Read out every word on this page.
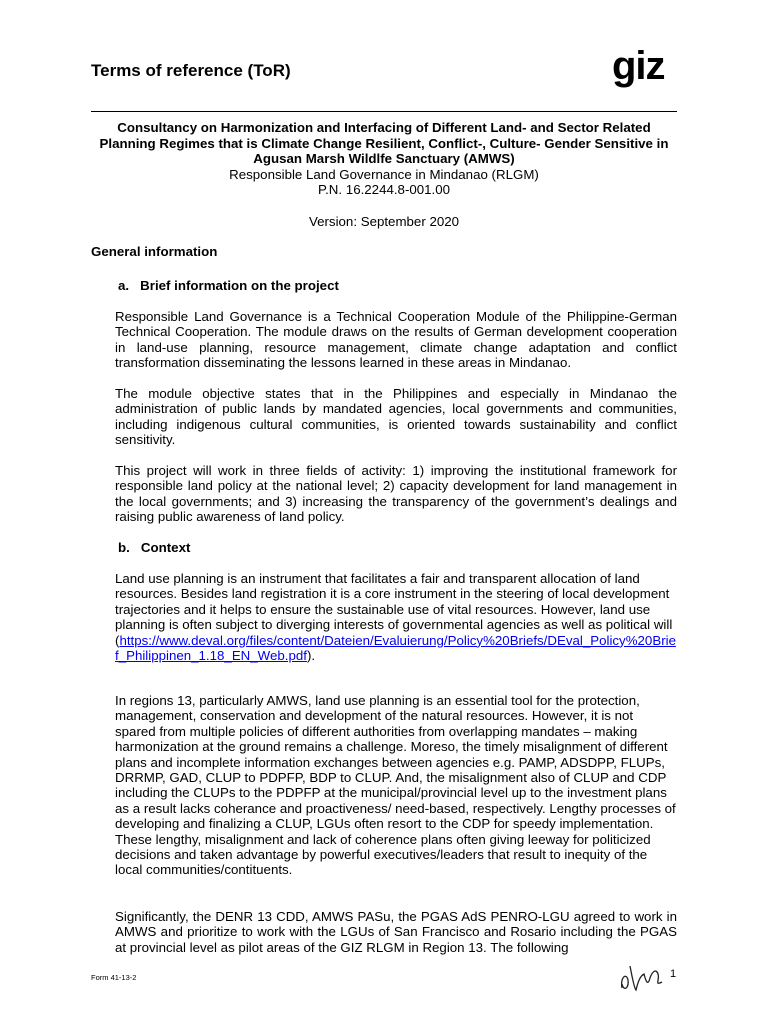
Terms of reference (ToR)	giz
Consultancy on Harmonization and Interfacing of Different Land- and Sector Related Planning Regimes that is Climate Change Resilient, Conflict-, Culture- Gender Sensitive in Agusan Marsh Wildlfe Sanctuary (AMWS)
Responsible Land Governance in Mindanao (RLGM)
P.N. 16.2244.8-001.00
Version: September 2020
General information
a.   Brief information on the project
Responsible Land Governance is a Technical Cooperation Module of the Philippine-German Technical Cooperation. The module draws on the results of German development cooperation in land-use planning, resource management, climate change adaptation and conflict transformation disseminating the lessons learned in these areas in Mindanao.
The module objective states that in the Philippines and especially in Mindanao the administration of public lands by mandated agencies, local governments and communities, including indigenous cultural communities, is oriented towards sustainability and conflict sensitivity.
This project will work in three fields of activity: 1) improving the institutional framework for responsible land policy at the national level; 2) capacity development for land management in the local governments; and 3) increasing the transparency of the government’s dealings and raising public awareness of land policy.
b.   Context
Land use planning is an instrument that facilitates a fair and transparent allocation of land resources. Besides land registration it is a core instrument in the steering of local development trajectories and it helps to ensure the sustainable use of vital resources. However, land use planning is often subject to diverging interests of governmental agencies as well as political will
(https://www.deval.org/files/content/Dateien/Evaluierung/Policy%20Briefs/DEval_Policy%20Brief_Philippinen_1.18_EN_Web.pdf).
In regions 13, particularly AMWS, land use planning is an essential tool for the protection, management, conservation and development of the natural resources. However, it is not spared from multiple policies of different authorities from overlapping mandates – making harmonization at the ground remains a challenge. Moreso, the timely misalignment of different plans and incomplete information exchanges between agencies e.g. PAMP, ADSDPP, FLUPs, DRRMP, GAD, CLUP to PDPFP, BDP to CLUP. And, the misalignment also of CLUP and CDP including the CLUPs to the PDPFP at the municipal/provincial level up to the investment plans as a result lacks coherance and proactiveness/ need-based, respectively. Lengthy processes of developing and finalizing a CLUP, LGUs often resort to the CDP for speedy implementation. These lengthy, misalignment and lack of coherence plans often giving leeway for politicized decisions and taken advantage by powerful executives/leaders that result to inequity of the local communities/contituents.
Significantly, the DENR 13 CDD, AMWS PASu, the PGAS AdS PENRO-LGU agreed to work in AMWS and prioritize to work with the LGUs of San Francisco and Rosario including the PGAS at provincial level as pilot areas of the GIZ RLGM in Region 13. The following
Form 41-13-2	1
